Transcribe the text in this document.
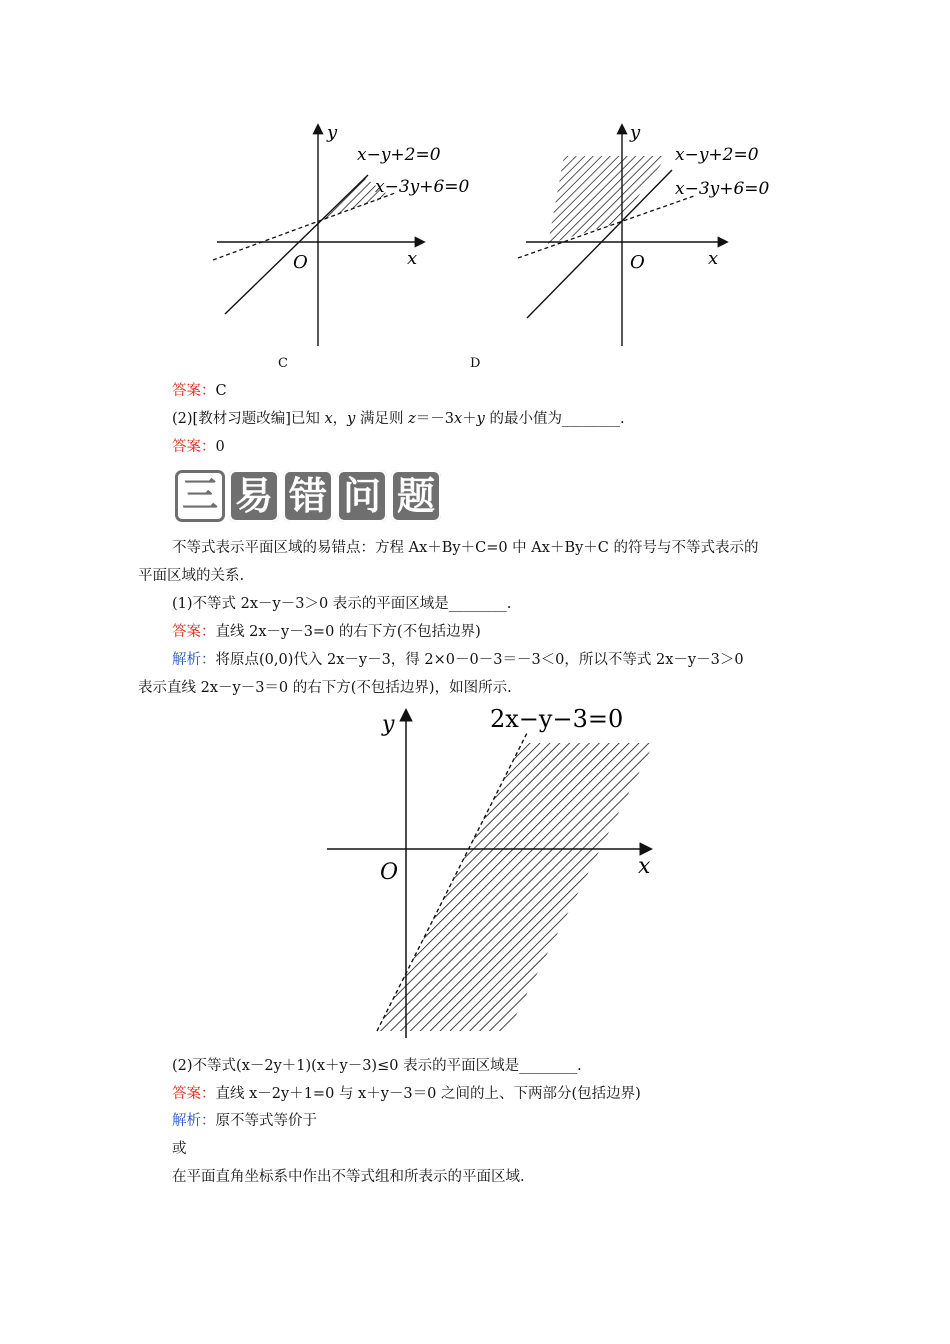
y
x
O
x−y+2=0
x−3y+6=0
C
y
x
O
x−y+2=0
x−3y+6=0
D
答案：C
(2)[教材习题改编]已知 x，y 满足则 z＝－3x＋y 的最小值为________.
答案：0
三 易 错 问 题
不等式表示平面区域的易错点：方程 Ax＋By＋C=0 中 Ax＋By＋C 的符号与不等式表示的
平面区域的关系.
(1)不等式 2x－y－3＞0 表示的平面区域是________.
答案：直线 2x－y－3=0 的右下方(不包括边界)
解析：将原点(0,0)代入 2x－y－3，得 2×0－0－3＝－3＜0，所以不等式 2x－y－3＞0
表示直线 2x－y－3＝0 的右下方(不包括边界)，如图所示.
y
x
O
2x−y−3=0
(2)不等式(x－2y＋1)(x＋y－3)≤0 表示的平面区域是________.
答案：直线 x－2y＋1=0 与 x＋y－3＝0 之间的上、下两部分(包括边界)
解析：原不等式等价于
或
在平面直角坐标系中作出不等式组和所表示的平面区域.
